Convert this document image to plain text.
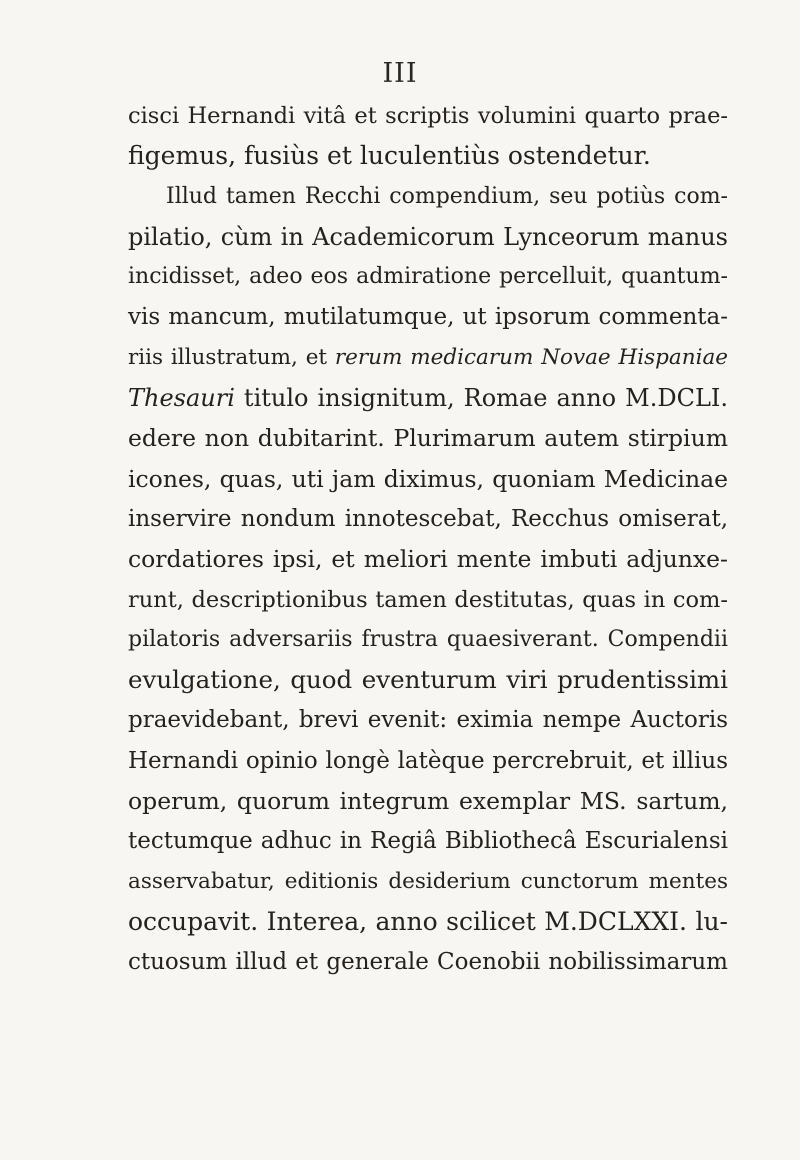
III
cisci Hernandi vitâ et scriptis volumini quarto prae-
figemus, fusiùs et luculentiùs ostendetur.
Illud tamen Recchi compendium, seu potiùs com-
pilatio, cùm in Academicorum Lynceorum manus
incidisset, adeo eos admiratione percelluit, quantum-
vis mancum, mutilatumque, ut ipsorum commenta-
riis illustratum, et rerum medicarum Novae Hispaniae
Thesauri titulo insignitum, Romae anno M.DCLI.
edere non dubitarint. Plurimarum autem stirpium
icones, quas, uti jam diximus, quoniam Medicinae
inservire nondum innotescebat, Recchus omiserat,
cordatiores ipsi, et meliori mente imbuti adjunxe-
runt, descriptionibus tamen destitutas, quas in com-
pilatoris adversariis frustra quaesiverant. Compendii
evulgatione, quod eventurum viri prudentissimi
praevidebant, brevi evenit: eximia nempe Auctoris
Hernandi opinio longè latèque percrebruit, et illius
operum, quorum integrum exemplar MS. sartum,
tectumque adhuc in Regiâ Bibliothecâ Escurialensi
asservabatur, editionis desiderium cunctorum mentes
occupavit. Interea, anno scilicet M.DCLXXI. lu-
ctuosum illud et generale Coenobii nobilissimarum
